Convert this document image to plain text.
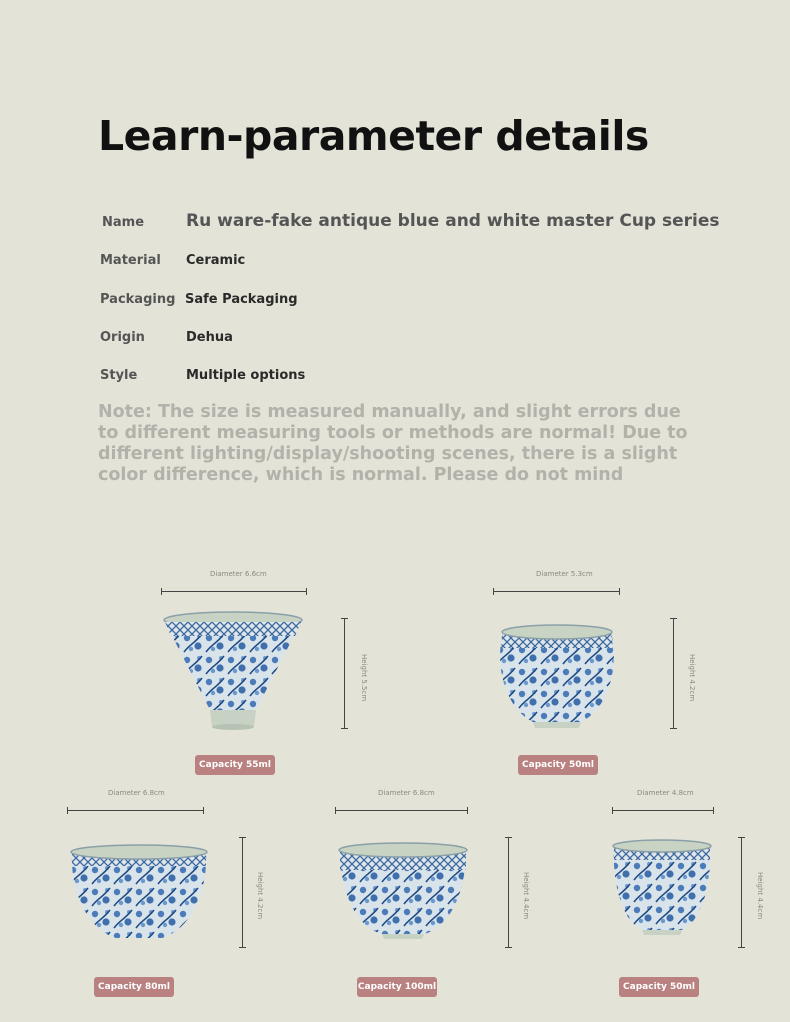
Learn-parameter details
Name Ru ware-fake antique blue and white master Cup series
Material Ceramic
Packaging Safe Packaging
Origin	Dehua
Style	Multiple options
Note: The size is measured manually, and slight errors due to different measuring tools or methods are normal! Due to different lighting/display/shooting scenes, there is a slight color difference, which is normal. Please do not mind
Diameter 6.6cm
Height 5.5cm
Capacity 55ml
Diameter 5.3cm
Height 4.2cm
Capacity 50ml
Diameter 6.8cm
Height 4.2cm
Capacity 80ml
Diameter 6.8cm
Height 4.4cm
Capacity 100ml
Diameter 4.8cm
Height 4.4cm
Capacity 50ml
